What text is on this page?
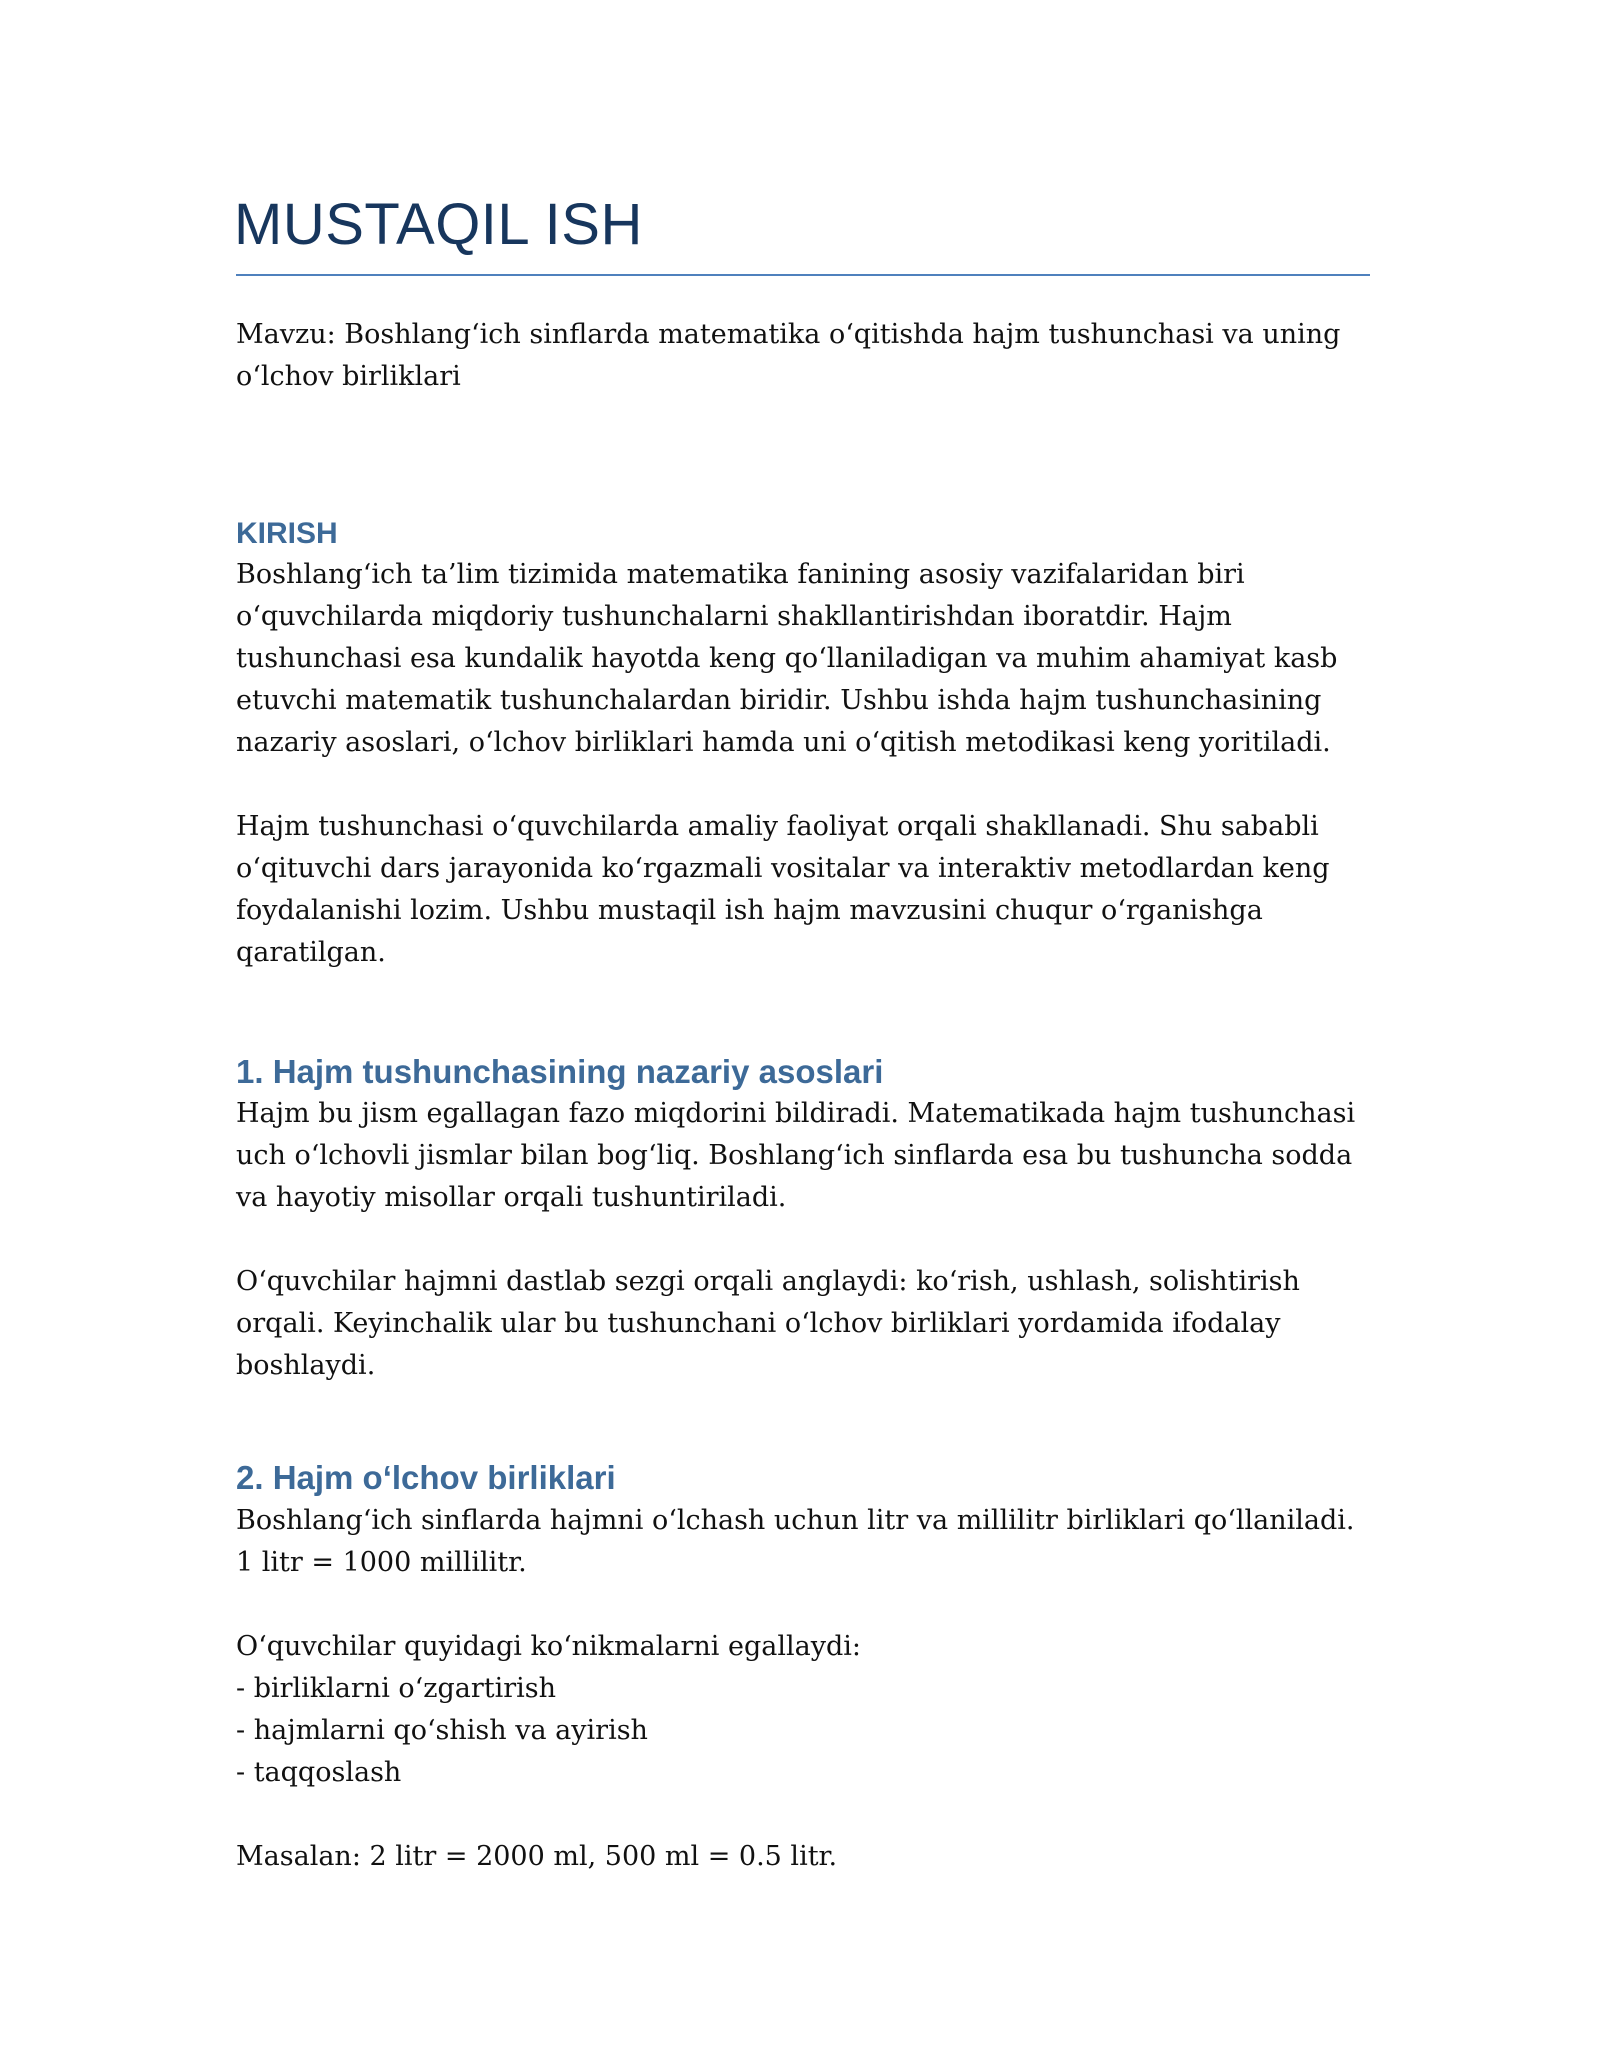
MUSTAQIL ISH

Mavzu: Boshlang‘ich sinflarda matematika o‘qitishda hajm tushunchasi va uning o‘lchov birliklari

KIRISH

Boshlang‘ich ta’lim tizimida matematika fanining asosiy vazifalaridan biri o‘quvchilarda miqdoriy tushunchalarni shakllantirishdan iboratdir. Hajm tushunchasi esa kundalik hayotda keng qo‘llaniladigan va muhim ahamiyat kasb etuvchi matematik tushunchalardan biridir. Ushbu ishda hajm tushunchasining nazariy asoslari, o‘lchov birliklari hamda uni o‘qitish metodikasi keng yoritiladi.

Hajm tushunchasi o‘quvchilarda amaliy faoliyat orqali shakllanadi. Shu sababli o‘qituvchi dars jarayonida ko‘rgazmali vositalar va interaktiv metodlardan keng foydalanishi lozim. Ushbu mustaqil ish hajm mavzusini chuqur o‘rganishga qaratilgan.

1. Hajm tushunchasining nazariy asoslari

Hajm bu jism egallagan fazo miqdorini bildiradi. Matematikada hajm tushunchasi uch o‘lchovli jismlar bilan bog‘liq. Boshlang‘ich sinflarda esa bu tushuncha sodda va hayotiy misollar orqali tushuntiriladi.

O‘quvchilar hajmni dastlab sezgi orqali anglaydi: ko‘rish, ushlash, solishtirish orqali. Keyinchalik ular bu tushunchani o‘lchov birliklari yordamida ifodalay boshlaydi.

2. Hajm o‘lchov birliklari

Boshlang‘ich sinflarda hajmni o‘lchash uchun litr va millilitr birliklari qo‘llaniladi. 1 litr = 1000 millilitr.

O‘quvchilar quyidagi ko‘nikmalarni egallaydi:

- birliklarni o‘zgartirish

- hajmlarni qo‘shish va ayirish

- taqqoslash

Masalan: 2 litr = 2000 ml, 500 ml = 0.5 litr.
